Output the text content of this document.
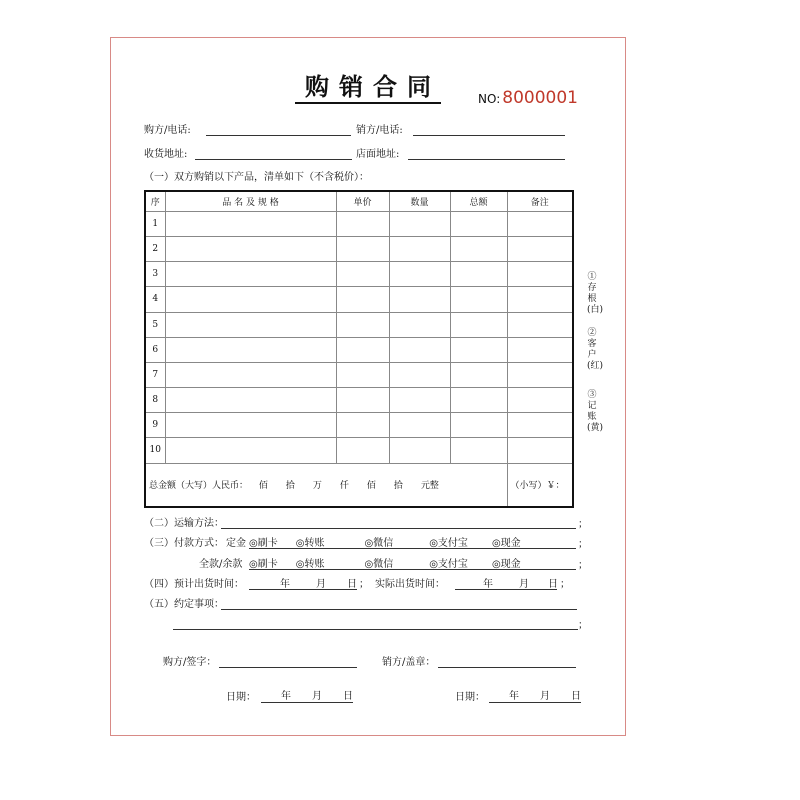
购销合同	NO: 8000001
购方/电话:	销方/电话:
收货地址:	店面地址:
（一）双方购销以下产品，清单如下（不含税价）：
序	品 名 及 规 格	单价	数量	总额	备注
1					
2					
3					
4					
5					
6					
7					
8					
9					
10					
总金额（大写）人民币： 佰　　拾　　万　　仟　　佰　　拾　　元整					（小写）￥：
①存根(白)
②客户(红)
③记账(黄)
（二）运输方法：	；
（三）付款方式： 定金 ◎刷卡 ◎转账	◎微信	◎支付宝 ◎现金	；
全款/余款 ◎刷卡 ◎转账	◎微信	◎支付宝 ◎现金	；
（四）预计出货时间：	年	月 日 ； 实际出货时间：	年	月 日 ；
（五）约定事项：
；
购方/签字：	销方/盖章：
日期：	年 月 日	日期： 年 月 日
